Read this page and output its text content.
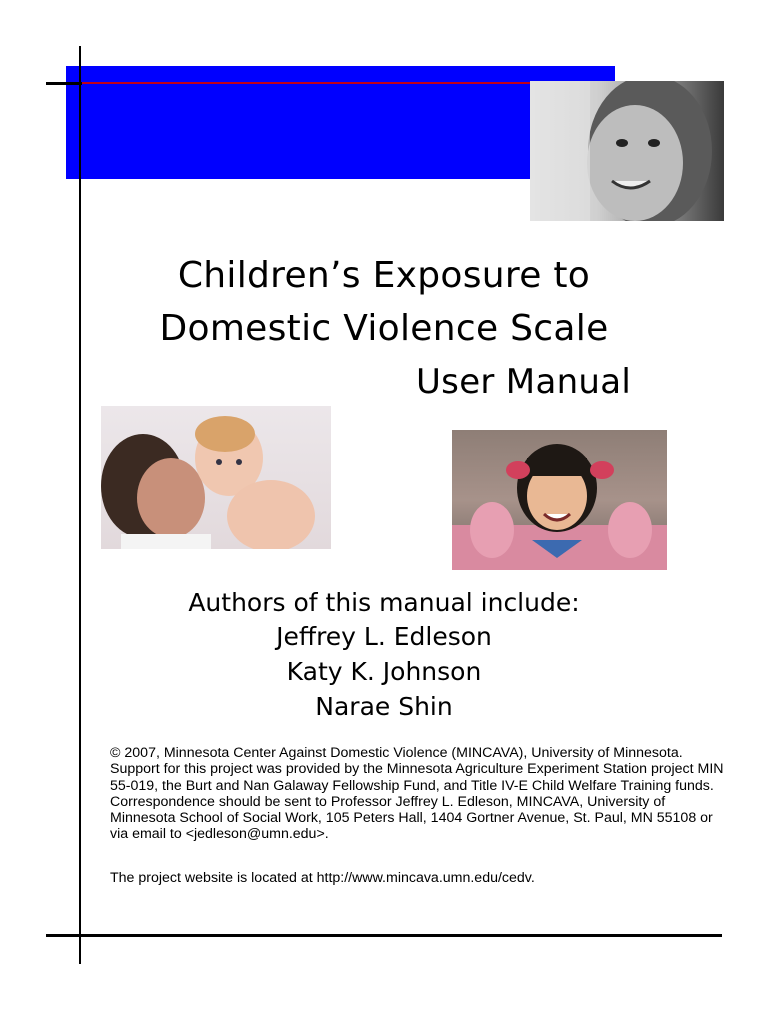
Children’s Exposure to
Domestic Violence Scale
User Manual
Authors of this manual include:
Jeffrey L. Edleson
Katy K. Johnson
Narae Shin
© 2007, Minnesota Center Against Domestic Violence (MINCAVA), University of Minnesota. Support for this project was provided by the Minnesota Agriculture Experiment Station project MIN 55-019, the Burt and Nan Galaway Fellowship Fund, and Title IV-E Child Welfare Training funds. Correspondence should be sent to Professor Jeffrey L. Edleson, MINCAVA, University of Minnesota School of Social Work, 105 Peters Hall, 1404 Gortner Avenue, St. Paul, MN 55108 or via email to <jedleson@umn.edu>.
The project website is located at http://www.mincava.umn.edu/cedv.
